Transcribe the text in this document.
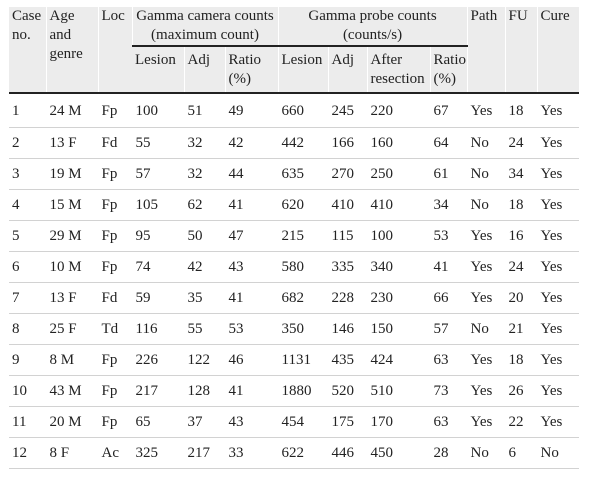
Case no.	Age and genre	Loc	Gamma camera counts (maximum count)			Gamma probe counts (counts/s)				Path	FU	Cure
			Lesion	Adj	Ratio (%)	Lesion	Adj	After resection	Ratio (%)			
1	24 M	Fp	100	51	49	660	245	220	67	Yes	18	Yes
2	13 F	Fd	55	32	42	442	166	160	64	No	24	Yes
3	19 M	Fp	57	32	44	635	270	250	61	No	34	Yes
4	15 M	Fp	105	62	41	620	410	410	34	No	18	Yes
5	29 M	Fp	95	50	47	215	115	100	53	Yes	16	Yes
6	10 M	Fp	74	42	43	580	335	340	41	Yes	24	Yes
7	13 F	Fd	59	35	41	682	228	230	66	Yes	20	Yes
8	25 F	Td	116	55	53	350	146	150	57	No	21	Yes
9	8 M	Fp	226	122	46	1131	435	424	63	Yes	18	Yes
10	43 M	Fp	217	128	41	1880	520	510	73	Yes	26	Yes
11	20 M	Fp	65	37	43	454	175	170	63	Yes	22	Yes
12	8 F	Ac	325	217	33	622	446	450	28	No	6	No
